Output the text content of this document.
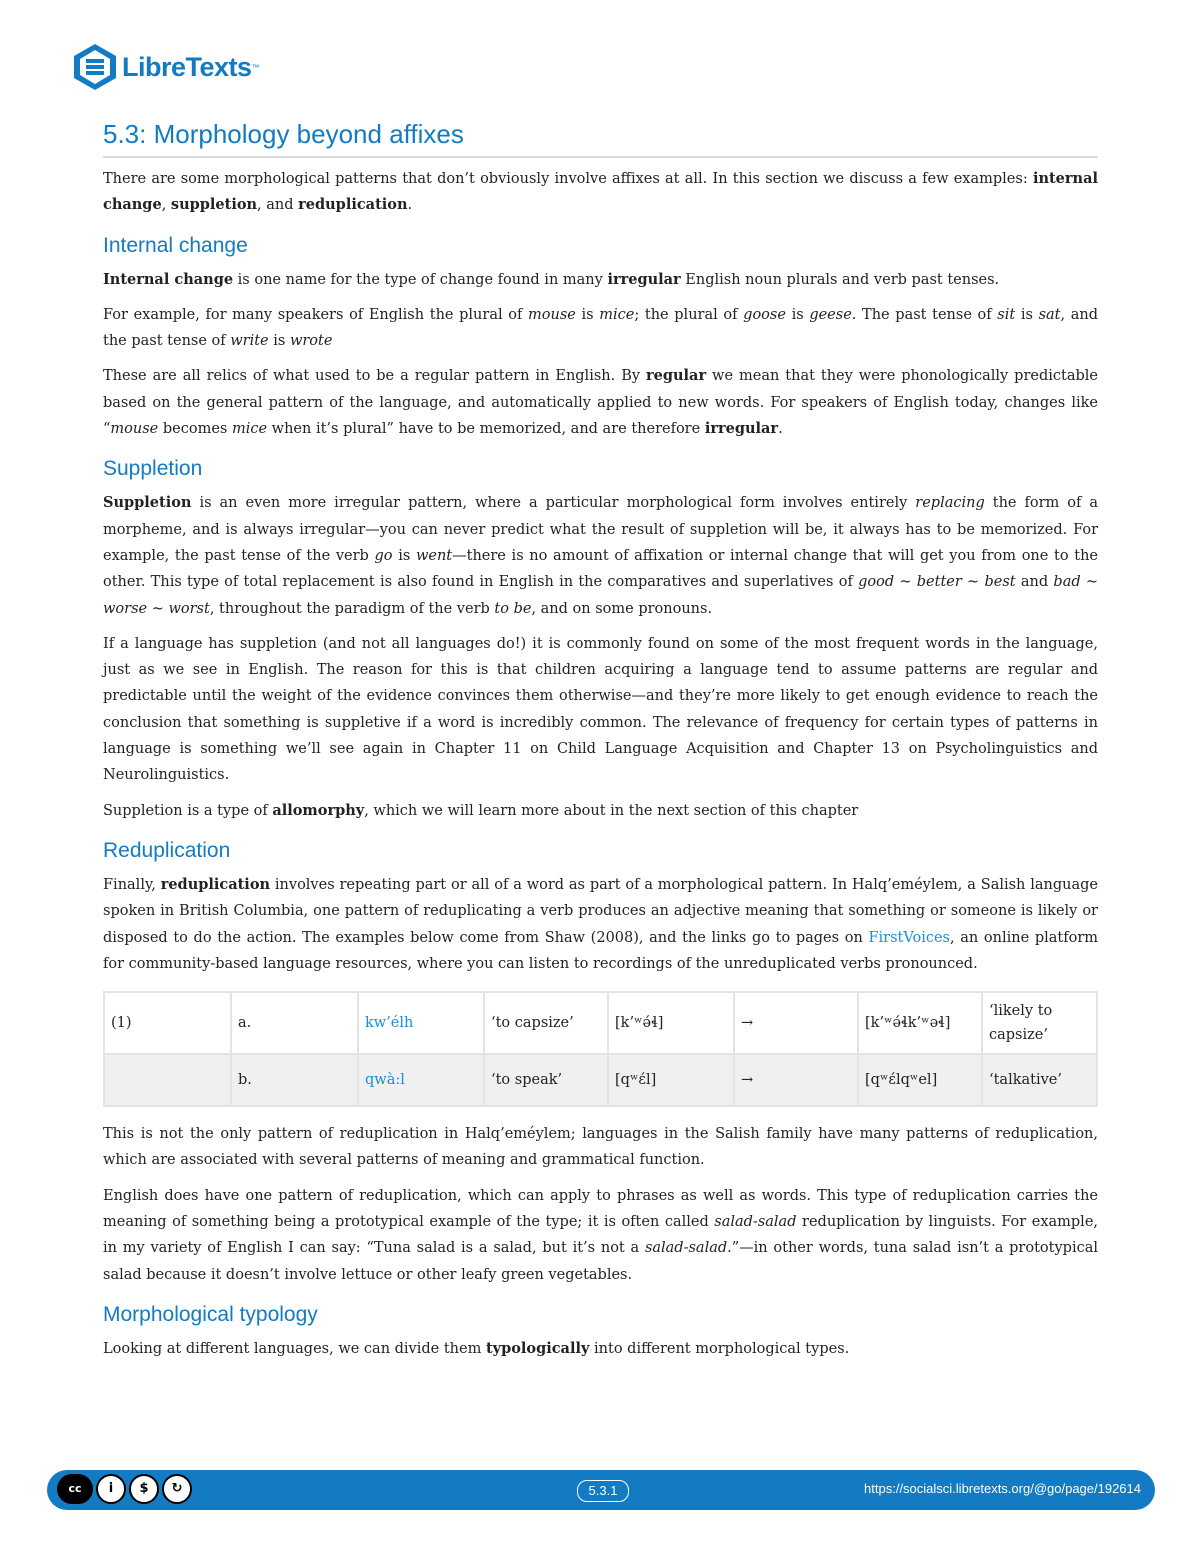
LibreTexts ™
5.3: Morphology beyond affixes

There are some morphological patterns that don’t obviously involve affixes at all. In this section we discuss a few examples: internal change, suppletion, and reduplication.

Internal change

Internal change is one name for the type of change found in many irregular English noun plurals and verb past tenses.

For example, for many speakers of English the plural of mouse is mice; the plural of goose is geese. The past tense of sit is sat, and the past tense of write is wrote

These are all relics of what used to be a regular pattern in English. By regular we mean that they were phonologically predictable based on the general pattern of the language, and automatically applied to new words. For speakers of English today, changes like “mouse becomes mice when it’s plural” have to be memorized, and are therefore irregular.

Suppletion

Suppletion is an even more irregular pattern, where a particular morphological form involves entirely replacing the form of a morpheme, and is always irregular—you can never predict what the result of suppletion will be, it always has to be memorized. For example, the past tense of the verb go is went—there is no amount of affixation or internal change that will get you from one to the other. This type of total replacement is also found in English in the comparatives and superlatives of good ~ better ~ best and bad ~ worse ~ worst, throughout the paradigm of the verb to be, and on some pronouns.

If a language has suppletion (and not all languages do!) it is commonly found on some of the most frequent words in the language, just as we see in English. The reason for this is that children acquiring a language tend to assume patterns are regular and predictable until the weight of the evidence convinces them otherwise—and they’re more likely to get enough evidence to reach the conclusion that something is suppletive if a word is incredibly common. The relevance of frequency for certain types of patterns in language is something we’ll see again in Chapter 11 on Child Language Acquisition and Chapter 13 on Psycholinguistics and Neurolinguistics.

Suppletion is a type of allomorphy, which we will learn more about in the next section of this chapter

Reduplication

Finally, reduplication involves repeating part or all of a word as part of a morphological pattern. In Halq’eméylem, a Salish language spoken in British Columbia, one pattern of reduplicating a verb produces an adjective meaning that something or someone is likely or disposed to do the action. The examples below come from Shaw (2008), and the links go to pages on FirstVoices, an online platform for community-based language resources, where you can listen to recordings of the unreduplicated verbs pronounced.

(1)	a.	kw’élh	‘to capsize’	[k’ʷə́ɬ]	→	[k’ʷə́ɬk’ʷəɬ]	‘likely to capsize’
	b.	qwà:l	‘to speak’	[qʷɛ́l]	→	[qʷɛ́lqʷel]	‘talkative’

This is not the only pattern of reduplication in Halq’eméylem; languages in the Salish family have many patterns of reduplication, which are associated with several patterns of meaning and grammatical function.

English does have one pattern of reduplication, which can apply to phrases as well as words. This type of reduplication carries the meaning of something being a prototypical example of the type; it is often called salad-salad reduplication by linguists. For example, in my variety of English I can say: “Tuna salad is a salad, but it’s not a salad-salad.”—in other words, tuna salad isn’t a prototypical salad because it doesn’t involve lettuce or other leafy green vegetables.

Morphological typology

Looking at different languages, we can divide them typologically into different morphological types.

cc	i	$	↻	5.3.1	https://socialsci.libretexts.org/@go/page/192614
